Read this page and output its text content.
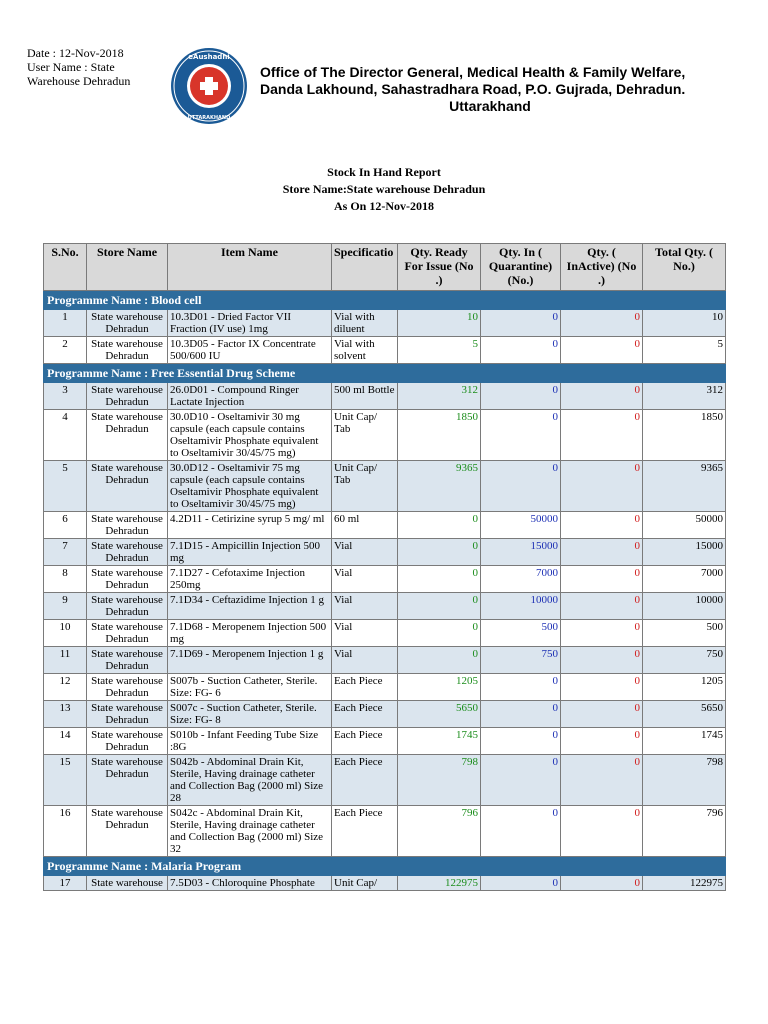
Date : 12-Nov-2018
User Name : State
Warehouse Dehradun
eAushadhi
UTTARAKHAND
Office of The Director General, Medical Health & Family Welfare,
Danda Lakhound, Sahastradhara Road, P.O. Gujrada, Dehradun.
Uttarakhand
Stock In Hand Report
Store Name:State warehouse Dehradun
As On 12-Nov-2018
S.No.	Store Name	Item Name	Specificatio	Qty. Ready For Issue (No .)	Qty. In ( Quarantine) (No.)	Qty. ( InActive) (No .)	Total Qty. ( No.)
Programme Name : Blood cell							
1	State warehouse Dehradun	10.3D01 - Dried Factor VII Fraction (IV use) 1mg	Vial with diluent	10	0	0	10
2	State warehouse Dehradun	10.3D05 - Factor IX Concentrate 500/600 IU	Vial with solvent	5	0	0	5
Programme Name : Free Essential Drug Scheme							
3	State warehouse Dehradun	26.0D01 - Compound Ringer Lactate Injection	500 ml Bottle	312	0	0	312
4	State warehouse Dehradun	30.0D10 - Oseltamivir 30 mg capsule (each capsule contains Oseltamivir Phosphate equivalent to Oseltamivir 30/45/75 mg)	Unit Cap/ Tab	1850	0	0	1850
5	State warehouse Dehradun	30.0D12 - Oseltamivir 75 mg capsule (each capsule contains Oseltamivir Phosphate equivalent to Oseltamivir 30/45/75 mg)	Unit Cap/ Tab	9365	0	0	9365
6	State warehouse Dehradun	4.2D11 - Cetirizine syrup 5 mg/ ml	60 ml	0	50000	0	50000
7	State warehouse Dehradun	7.1D15 - Ampicillin Injection 500 mg	Vial	0	15000	0	15000
8	State warehouse Dehradun	7.1D27 - Cefotaxime Injection 250mg	Vial	0	7000	0	7000
9	State warehouse Dehradun	7.1D34 - Ceftazidime Injection 1 g	Vial	0	10000	0	10000
10	State warehouse Dehradun	7.1D68 - Meropenem Injection 500 mg	Vial	0	500	0	500
11	State warehouse Dehradun	7.1D69 - Meropenem Injection 1 g	Vial	0	750	0	750
12	State warehouse Dehradun	S007b - Suction Catheter, Sterile. Size: FG- 6	Each Piece	1205	0	0	1205
13	State warehouse Dehradun	S007c - Suction Catheter, Sterile. Size: FG- 8	Each Piece	5650	0	0	5650
14	State warehouse Dehradun	S010b - Infant Feeding Tube Size :8G	Each Piece	1745	0	0	1745
15	State warehouse Dehradun	S042b - Abdominal Drain Kit, Sterile, Having drainage catheter and Collection Bag (2000 ml) Size 28	Each Piece	798	0	0	798
16	State warehouse Dehradun	S042c - Abdominal Drain Kit, Sterile, Having drainage catheter and Collection Bag (2000 ml) Size 32	Each Piece	796	0	0	796
Programme Name : Malaria Program							
17	State warehouse	7.5D03 - Chloroquine Phosphate	Unit Cap/	122975	0	0	122975
